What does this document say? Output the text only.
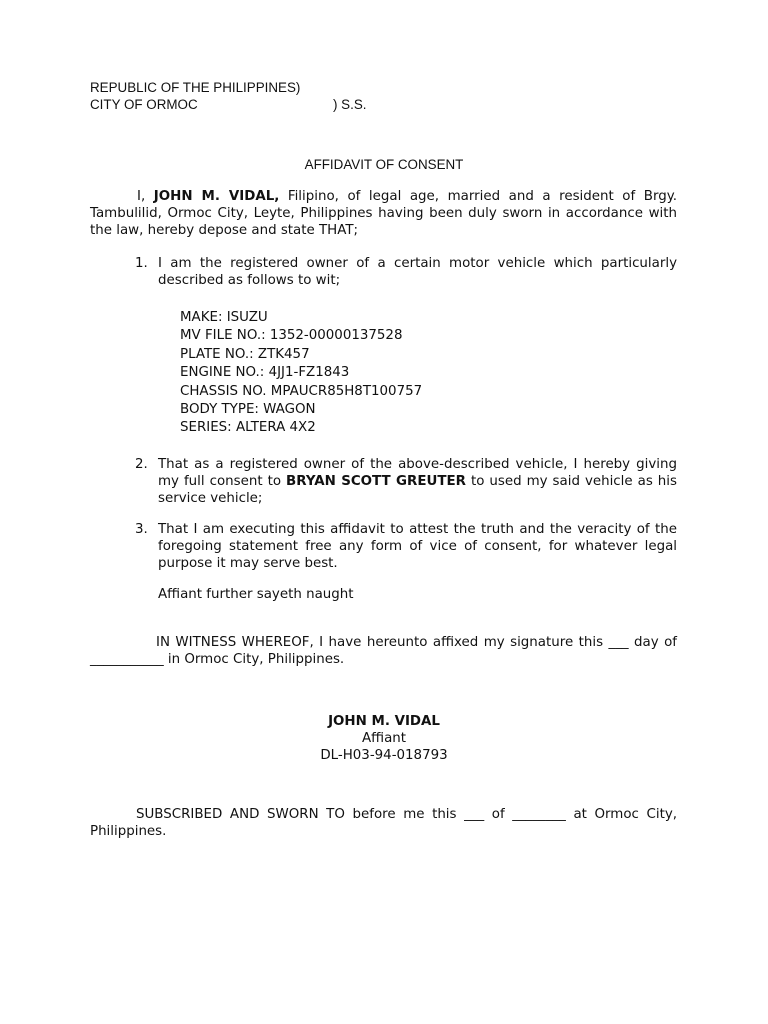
REPUBLIC OF THE PHILIPPINES)
CITY OF ORMOC	) S.S.
AFFIDAVIT OF CONSENT
I, JOHN M. VIDAL, Filipino, of legal age, married and a resident of Brgy. Tambulilid, Ormoc City, Leyte, Philippines having been duly sworn in accordance with the law, hereby depose and state THAT;
1. I am the registered owner of a certain motor vehicle which particularly described as follows to wit;
MAKE: ISUZU
MV FILE NO.: 1352-00000137528
PLATE NO.: ZTK457
ENGINE NO.: 4JJ1-FZ1843
CHASSIS NO. MPAUCR85H8T100757
BODY TYPE: WAGON
SERIES: ALTERA 4X2
2. That as a registered owner of the above-described vehicle, I hereby giving my full consent to BRYAN SCOTT GREUTER to used my said vehicle as his service vehicle;
3. That I am executing this affidavit to attest the truth and the veracity of the foregoing statement free any form of vice of consent, for whatever legal purpose it may serve best.
Affiant further sayeth naught
IN WITNESS WHEREOF, I have hereunto affixed my signature this ___ day of ___________ in Ormoc City, Philippines.
JOHN M. VIDAL
Affiant
DL-H03-94-018793
SUBSCRIBED AND SWORN TO before me this ___ of ________ at Ormoc City, Philippines.
